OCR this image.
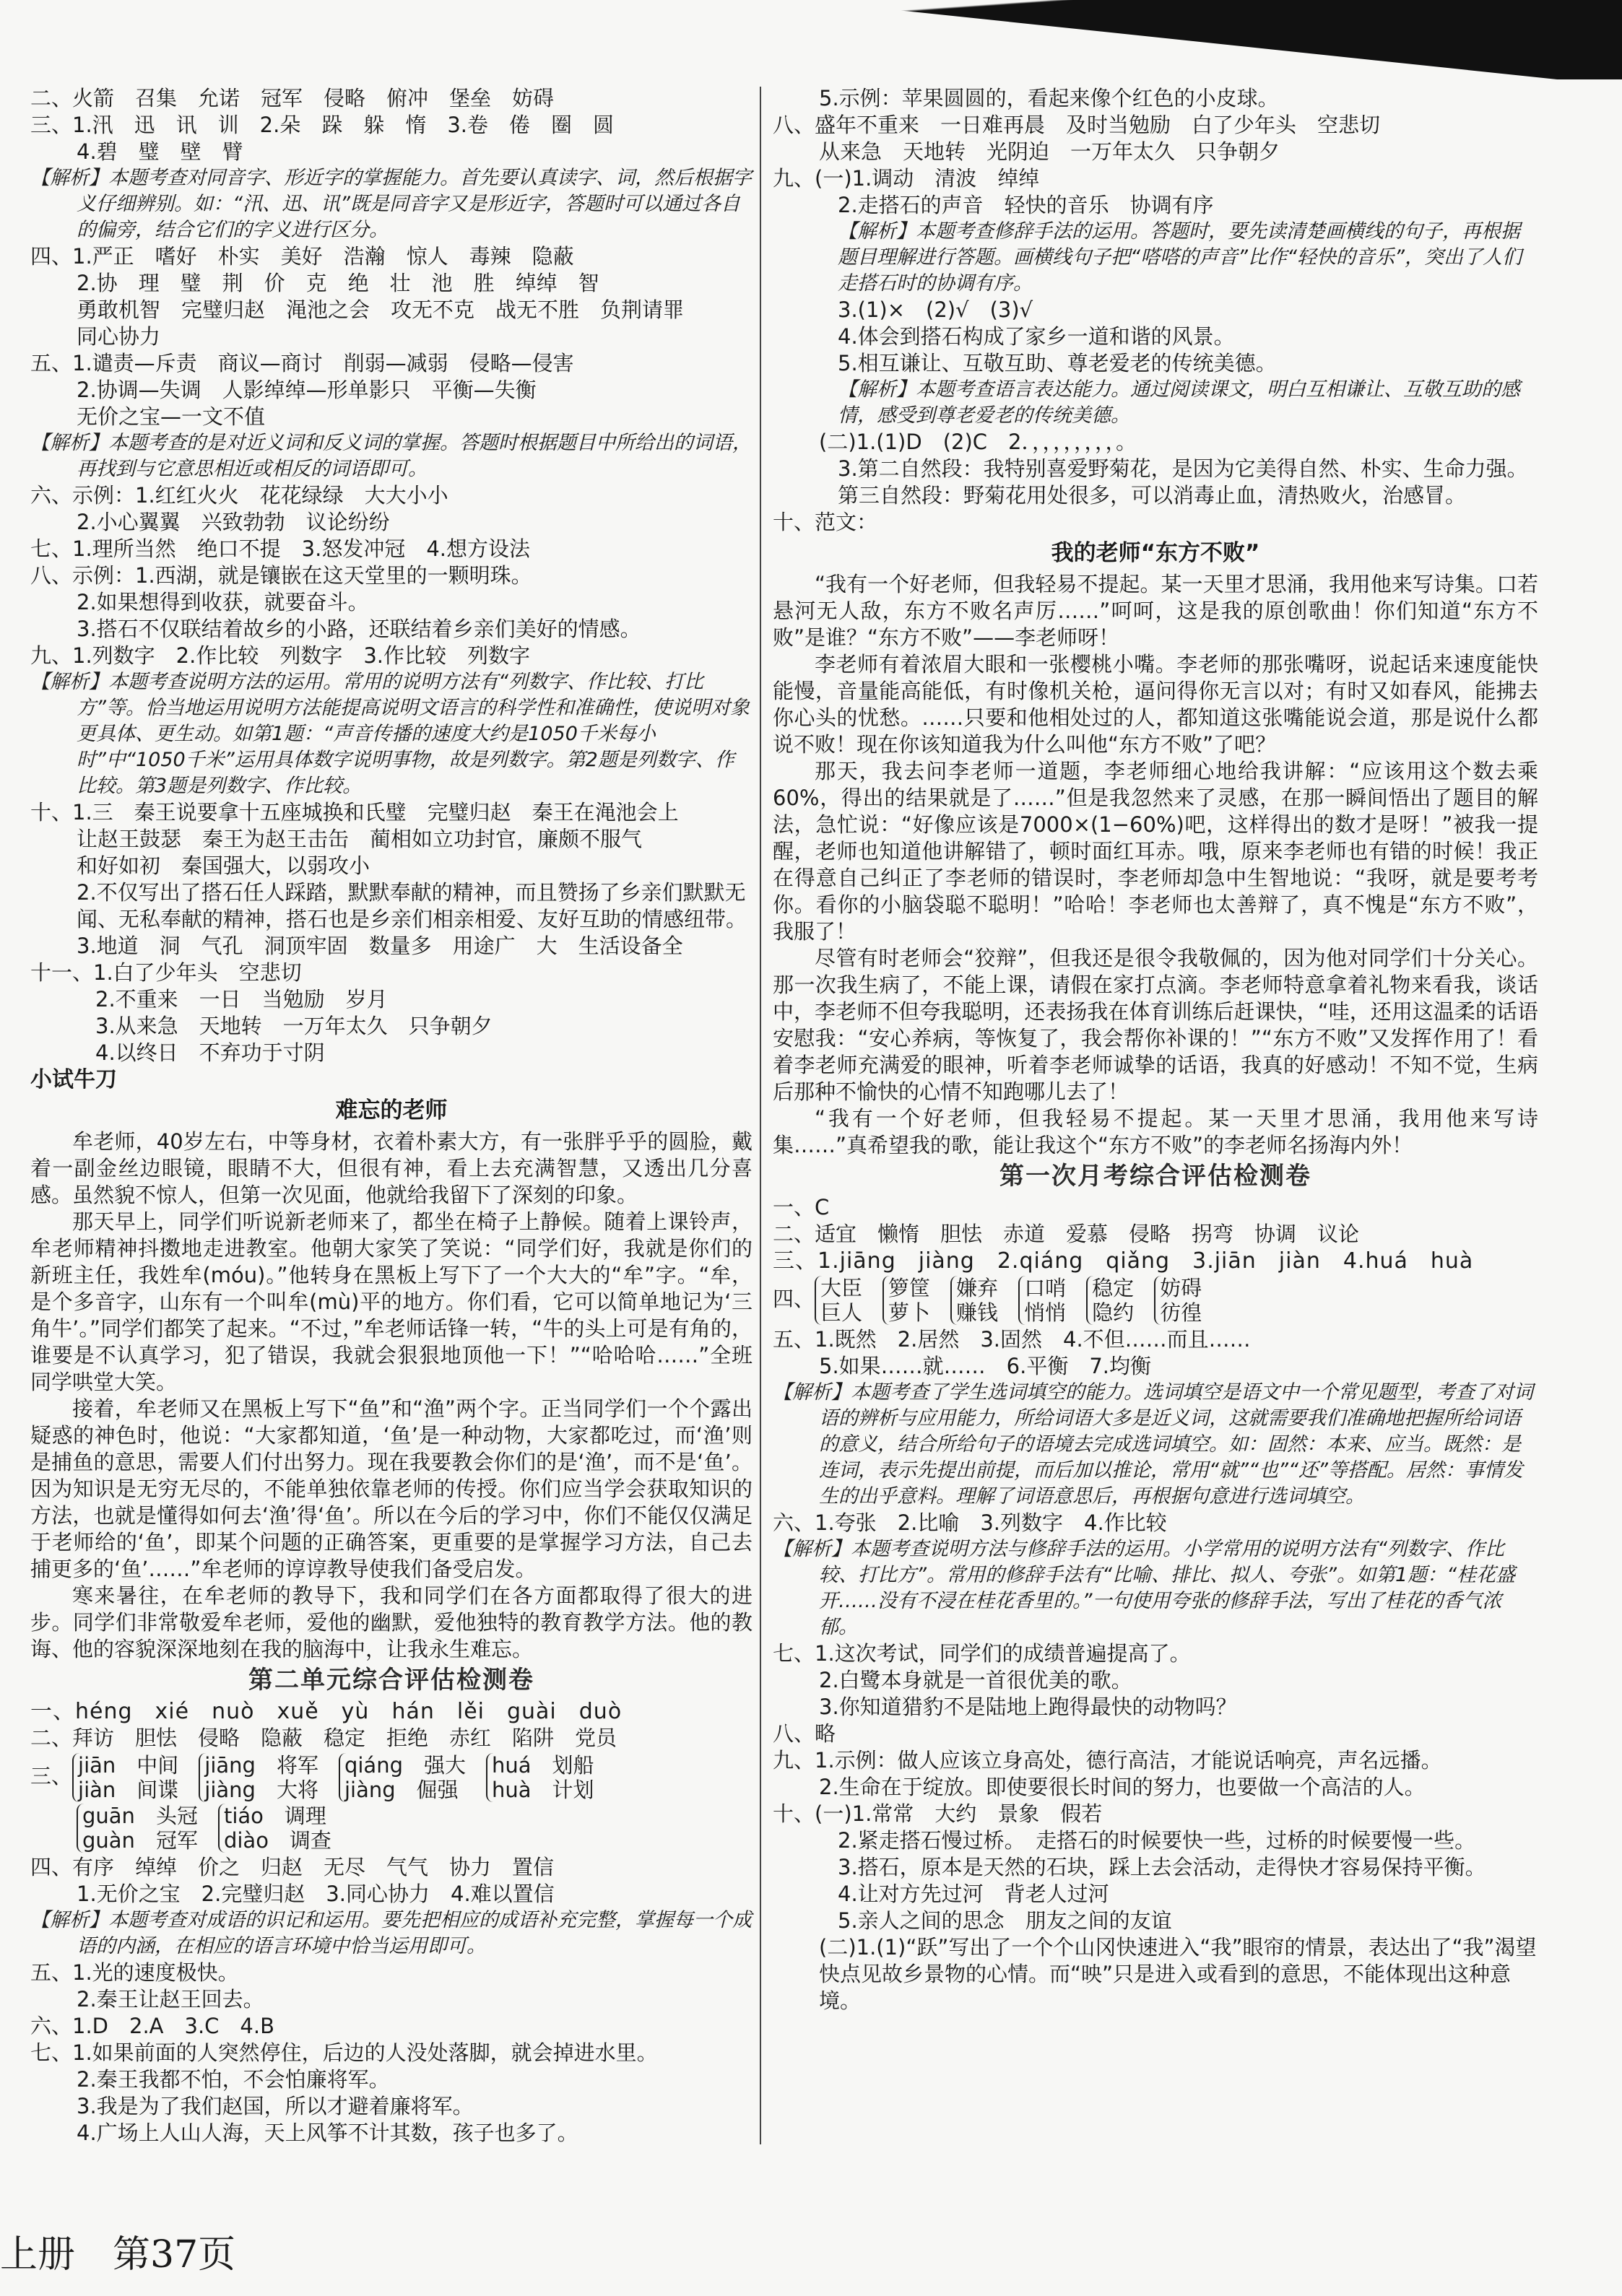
二、火箭　召集　允诺　冠军　侵略　俯冲　堡垒　妨碍
三、1.汛　迅　讯　训　2.朵　跺　躲　惰　3.卷　倦　圈　圆
4.碧　璧　壁　臂
【解析】本题考查对同音字、形近字的掌握能力。首先要认真读字、词，然后根据字义仔细辨别。如：“汛、迅、讯”既是同音字又是形近字，答题时可以通过各自的偏旁，结合它们的字义进行区分。
四、1.严正　嗜好　朴实　美好　浩瀚　惊人　毒辣　隐蔽
2.协　理　璧　荆　价　克　绝　壮　池　胜　绰绰　智
勇敢机智　完璧归赵　渑池之会　攻无不克　战无不胜　负荆请罪
同心协力
五、1.谴责—斥责　商议—商讨　削弱—减弱　侵略—侵害
2.协调—失调　人影绰绰—形单影只　平衡—失衡
无价之宝—一文不值
【解析】本题考查的是对近义词和反义词的掌握。答题时根据题目中所给出的词语，再找到与它意思相近或相反的词语即可。
六、示例：1.红红火火　花花绿绿　大大小小
2.小心翼翼　兴致勃勃　议论纷纷
七、1.理所当然　绝口不提　3.怒发冲冠　4.想方设法
八、示例：1.西湖，就是镶嵌在这天堂里的一颗明珠。
2.如果想得到收获，就要奋斗。
3.搭石不仅联结着故乡的小路，还联结着乡亲们美好的情感。
九、1.列数字　2.作比较　列数字　3.作比较　列数字
【解析】本题考查说明方法的运用。常用的说明方法有“列数字、作比较、打比方”等。恰当地运用说明方法能提高说明文语言的科学性和准确性，使说明对象更具体、更生动。如第1题：“声音传播的速度大约是1050千米每小时”中“1050千米”运用具体数字说明事物，故是列数字。第2题是列数字、作比较。第3题是列数字、作比较。
十、1.三　秦王说要拿十五座城换和氏璧　完璧归赵　秦王在渑池会上
让赵王鼓瑟　秦王为赵王击缶　蔺相如立功封官，廉颇不服气
和好如初　秦国强大，以弱攻小
2.不仅写出了搭石任人踩踏，默默奉献的精神，而且赞扬了乡亲们默默无闻、无私奉献的精神，搭石也是乡亲们相亲相爱、友好互助的情感纽带。
3.地道　洞　气孔　洞顶牢固　数量多　用途广　大　生活设备全
十一、1.白了少年头　空悲切
2.不重来　一日　当勉励　岁月
3.从来急　天地转　一万年太久　只争朝夕
4.以终日　不弃功于寸阴
小试牛刀
难忘的老师
牟老师，40岁左右，中等身材，衣着朴素大方，有一张胖乎乎的圆脸，戴着一副金丝边眼镜，眼睛不大，但很有神，看上去充满智慧，又透出几分喜感。虽然貌不惊人，但第一次见面，他就给我留下了深刻的印象。
那天早上，同学们听说新老师来了，都坐在椅子上静候。随着上课铃声，牟老师精神抖擞地走进教室。他朝大家笑了笑说：“同学们好，我就是你们的新班主任，我姓牟(móu)。”他转身在黑板上写下了一个大大的“牟”字。“牟，是个多音字，山东有一个叫牟(mù)平的地方。你们看，它可以简单地记为‘三角牛’。”同学们都笑了起来。“不过，”牟老师话锋一转，“牛的头上可是有角的，谁要是不认真学习，犯了错误，我就会狠狠地顶他一下！”“哈哈哈……”全班同学哄堂大笑。
接着，牟老师又在黑板上写下“鱼”和“渔”两个字。正当同学们一个个露出疑惑的神色时，他说：“大家都知道，‘鱼’是一种动物，大家都吃过，而‘渔’则是捕鱼的意思，需要人们付出努力。现在我要教会你们的是‘渔’，而不是‘鱼’。因为知识是无穷无尽的，不能单独依靠老师的传授。你们应当学会获取知识的方法，也就是懂得如何去‘渔’得‘鱼’。所以在今后的学习中，你们不能仅仅满足于老师给的‘鱼’，即某个问题的正确答案，更重要的是掌握学习方法，自己去捕更多的‘鱼’……”牟老师的谆谆教导使我们备受启发。
寒来暑往，在牟老师的教导下，我和同学们在各方面都取得了很大的进步。同学们非常敬爱牟老师，爱他的幽默，爱他独特的教育教学方法。他的教诲、他的容貌深深地刻在我的脑海中，让我永生难忘。
第二单元综合评估检测卷
一、héng　xié　nuò　xuě　yù　hán　lěi　guài　duò
二、拜访　胆怯　侵略　隐蔽　稳定　拒绝　赤红　陷阱　党员
三、 jiān　中间
jiàn　间谍
jiāng　将军
jiàng　大将
qiáng　强大
jiàng　倔强
huá　划船
huà　计划
guān　头冠
guàn　冠军
tiáo　调理
diào　调查
四、有序　绰绰　价之　归赵　无尽　气气　协力　置信
1.无价之宝　2.完璧归赵　3.同心协力　4.难以置信
【解析】本题考查对成语的识记和运用。要先把相应的成语补充完整，掌握每一个成语的内涵，在相应的语言环境中恰当运用即可。
五、1.光的速度极快。
2.秦王让赵王回去。
六、1.D　2.A　3.C　4.B
七、1.如果前面的人突然停住，后边的人没处落脚，就会掉进水里。
2.秦王我都不怕，不会怕廉将军。
3.我是为了我们赵国，所以才避着廉将军。
4.广场上人山人海，天上风筝不计其数，孩子也多了。
5.示例：苹果圆圆的，看起来像个红色的小皮球。
八、盛年不重来　一日难再晨　及时当勉励　白了少年头　空悲切
从来急　天地转　光阴迫　一万年太久　只争朝夕
九、(一)1.调动　清波　绰绰
2.走搭石的声音　轻快的音乐　协调有序
【解析】本题考查修辞手法的运用。答题时，要先读清楚画横线的句子，再根据题目理解进行答题。画横线句子把“嗒嗒的声音”比作“轻快的音乐”，突出了人们走搭石时的协调有序。
3.(1)×　(2)√　(3)√
4.体会到搭石构成了家乡一道和谐的风景。
5.相互谦让、互敬互助、尊老爱老的传统美德。
【解析】本题考查语言表达能力。通过阅读课文，明白互相谦让、互敬互助的感情，感受到尊老爱老的传统美德。
(二)1.(1)D　(2)C　2．，，，，，，，，。
3.第二自然段：我特别喜爱野菊花，是因为它美得自然、朴实、生命力强。第三自然段：野菊花用处很多，可以消毒止血，清热败火，治感冒。
十、范文：
我的老师“东方不败”
“我有一个好老师，但我轻易不提起。某一天里才思涌，我用他来写诗集。口若悬河无人敌，东方不败名声厉……”呵呵，这是我的原创歌曲！你们知道“东方不败”是谁？“东方不败”——李老师呀！
李老师有着浓眉大眼和一张樱桃小嘴。李老师的那张嘴呀，说起话来速度能快能慢，音量能高能低，有时像机关枪，逼问得你无言以对；有时又如春风，能拂去你心头的忧愁。……只要和他相处过的人，都知道这张嘴能说会道，那是说什么都说不败！现在你该知道我为什么叫他“东方不败”了吧？
那天，我去问李老师一道题，李老师细心地给我讲解：“应该用这个数去乘60%，得出的结果就是了……”但是我忽然来了灵感，在那一瞬间悟出了题目的解法，急忙说：“好像应该是7000×(1−60%)吧，这样得出的数才是呀！”被我一提醒，老师也知道他讲解错了，顿时面红耳赤。哦，原来李老师也有错的时候！我正在得意自己纠正了李老师的错误时，李老师却急中生智地说：“我呀，就是要考考你。看你的小脑袋聪不聪明！”哈哈！李老师也太善辩了，真不愧是“东方不败”，我服了！
尽管有时老师会“狡辩”，但我还是很令我敬佩的，因为他对同学们十分关心。那一次我生病了，不能上课，请假在家打点滴。李老师特意拿着礼物来看我，谈话中，李老师不但夸我聪明，还表扬我在体育训练后赶课快，“哇，还用这温柔的话语安慰我：“安心养病，等恢复了，我会帮你补课的！”“东方不败”又发挥作用了！看着李老师充满爱的眼神，听着李老师诚挚的话语，我真的好感动！不知不觉，生病后那种不愉快的心情不知跑哪儿去了！
“我有一个好老师，但我轻易不提起。某一天里才思涌，我用他来写诗集……”真希望我的歌，能让我这个“东方不败”的李老师名扬海内外！
第一次月考综合评估检测卷
一、C
二、适宜　懒惰　胆怯　赤道　爱慕　侵略　拐弯　协调　议论
三、1.jiāng　jiàng　2.qiáng　qiǎng　3.jiān　jiàn　4.huá　huà
四、 大臣
巨人
箩筐
萝卜
嫌弃
赚钱
口哨
悄悄
稳定
隐约
妨碍
彷徨
五、1.既然　2.居然　3.固然　4.不但……而且……
5.如果……就……　6.平衡　7.均衡
【解析】本题考查了学生选词填空的能力。选词填空是语文中一个常见题型，考查了对词语的辨析与应用能力，所给词语大多是近义词，这就需要我们准确地把握所给词语的意义，结合所给句子的语境去完成选词填空。如：固然：本来、应当。既然：是连词，表示先提出前提，而后加以推论，常用“就”“也”“还”等搭配。居然：事情发生的出乎意料。理解了词语意思后，再根据句意进行选词填空。
六、1.夸张　2.比喻　3.列数字　4.作比较
【解析】本题考查说明方法与修辞手法的运用。小学常用的说明方法有“列数字、作比较、打比方”。常用的修辞手法有“比喻、排比、拟人、夸张”。如第1题：“桂花盛开……没有不浸在桂花香里的。”一句使用夸张的修辞手法，写出了桂花的香气浓郁。
七、1.这次考试，同学们的成绩普遍提高了。
2.白鹭本身就是一首很优美的歌。
3.你知道猎豹不是陆地上跑得最快的动物吗？
八、略
九、1.示例：做人应该立身高处，德行高洁，才能说话响亮，声名远播。
2.生命在于绽放。即使要很长时间的努力，也要做一个高洁的人。
十、(一)1.常常　大约　景象　假若
2.紧走搭石慢过桥。　走搭石的时候要快一些，过桥的时候要慢一些。
3.搭石，原本是天然的石块，踩上去会活动，走得快才容易保持平衡。
4.让对方先过河　背老人过河
5.亲人之间的思念　朋友之间的友谊
(二)1.(1)“跃”写出了一个个山冈快速进入“我”眼帘的情景，表达出了“我”渴望快点见故乡景物的心情。而“映”只是进入或看到的意思，不能体现出这种意境。
上册　第37页
